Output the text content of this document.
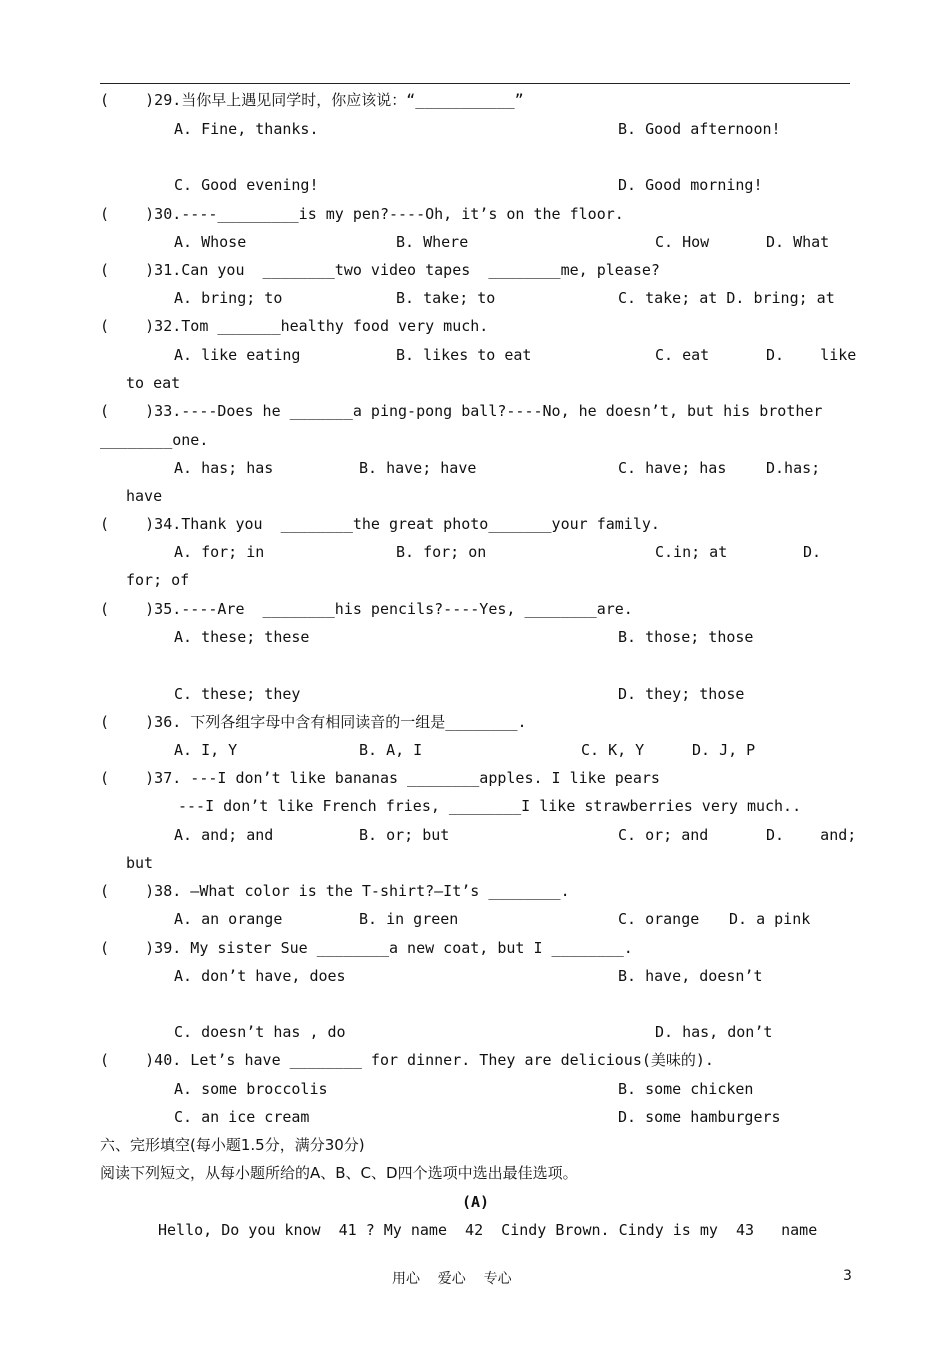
(    )29.当你早上遇见同学时，你应该说：“___________”
A. Fine, thanks.	B. Good afternoon!
C. Good evening!	D. Good morning!
(    )30.----_________is my pen?----Oh, it’s on the floor.
A. Whose	B. Where	C. How	D. What
(    )31.Can you  ________two video tapes  ________me, please?
A. bring; to	B. take; to	C. take; at D. bring; at
(    )32.Tom _______healthy food very much.
A. like eating	B. likes to eat	C. eat	D.    like
to eat
(    )33.----Does he _______a ping-pong ball?----No, he doesn’t, but his brother
________one.
A. has; has	B. have; have	C. have; has	D.has;
have
(    )34.Thank you  ________the great photo_______your family.
A. for; in	B. for; on	C.in; at	D.
for; of
(    )35.----Are  ________his pencils?----Yes, ________are.
A. these; these	B. those; those
C. these; they	D. they; those
(    )36. 下列各组字母中含有相同读音的一组是________.
A. I, Y	B. A, I	C. K, Y	D. J, P
(    )37. ---I don’t like bananas ________apples. I like pears
---I don’t like French fries, ________I like strawberries very much..
A. and; and	B. or; but	C. or; and	D.    and;
but
(    )38. —What color is the T-shirt?—It’s ________.
A. an orange	B. in green	C. orange D. a pink
(    )39. My sister Sue ________a new coat, but I ________.
A. don’t have, does	B. have, doesn’t
C. doesn’t has , do	D. has, don’t
(    )40. Let’s have ________ for dinner. They are delicious(美味的).
A. some broccolis	B. some chicken
C. an ice cream	D. some hamburgers
六、完形填空(每小题1.5分，满分30分)
阅读下列短文，从每小题所给的A、B、C、D四个选项中选出最佳选项。
(A)
Hello, Do you know  41 ? My name  42  Cindy Brown. Cindy is my  43   name
用心    爱心    专心	3
